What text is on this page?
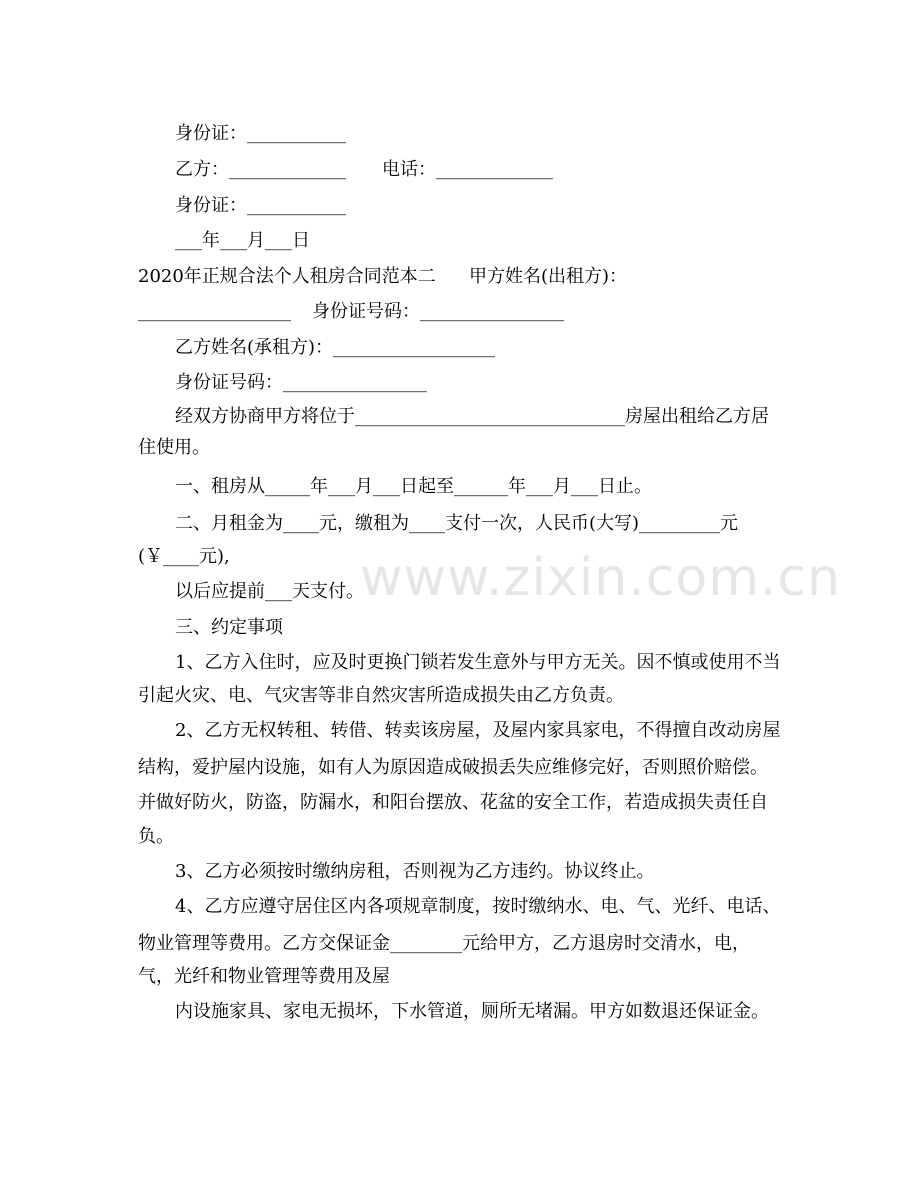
www.zixin.com.cn
身份证：___________
乙方：_____________ 电话：_____________
身份证：___________
___年___月___日
2020年正规合法个人租房合同范本二 甲方姓名(出租方)：
_________________ 身份证号码：________________
乙方姓名(承租方)：__________________
身份证号码：________________
经双方协商甲方将位于______________________________房屋出租给乙方居
住使用。
一、租房从_____年___月___日起至______年___月___日止。
二、月租金为____元，缴租为____支付一次，人民币(大写)_________元
(￥____元),
以后应提前___天支付。
三、约定事项
1、乙方入住时，应及时更换门锁若发生意外与甲方无关。因不慎或使用不当
引起火灾、电、气灾害等非自然灾害所造成损失由乙方负责。
2、乙方无权转租、转借、转卖该房屋，及屋内家具家电，不得擅自改动房屋
结构，爱护屋内设施，如有人为原因造成破损丢失应维修完好，否则照价赔偿。
并做好防火，防盗，防漏水，和阳台摆放、花盆的安全工作，若造成损失责任自
负。
3、乙方必须按时缴纳房租，否则视为乙方违约。协议终止。
4、乙方应遵守居住区内各项规章制度，按时缴纳水、电、气、光纤、电话、
物业管理等费用。乙方交保证金________元给甲方，乙方退房时交清水，电，
气，光纤和物业管理等费用及屋
内设施家具、家电无损坏，下水管道，厕所无堵漏。甲方如数退还保证金。
